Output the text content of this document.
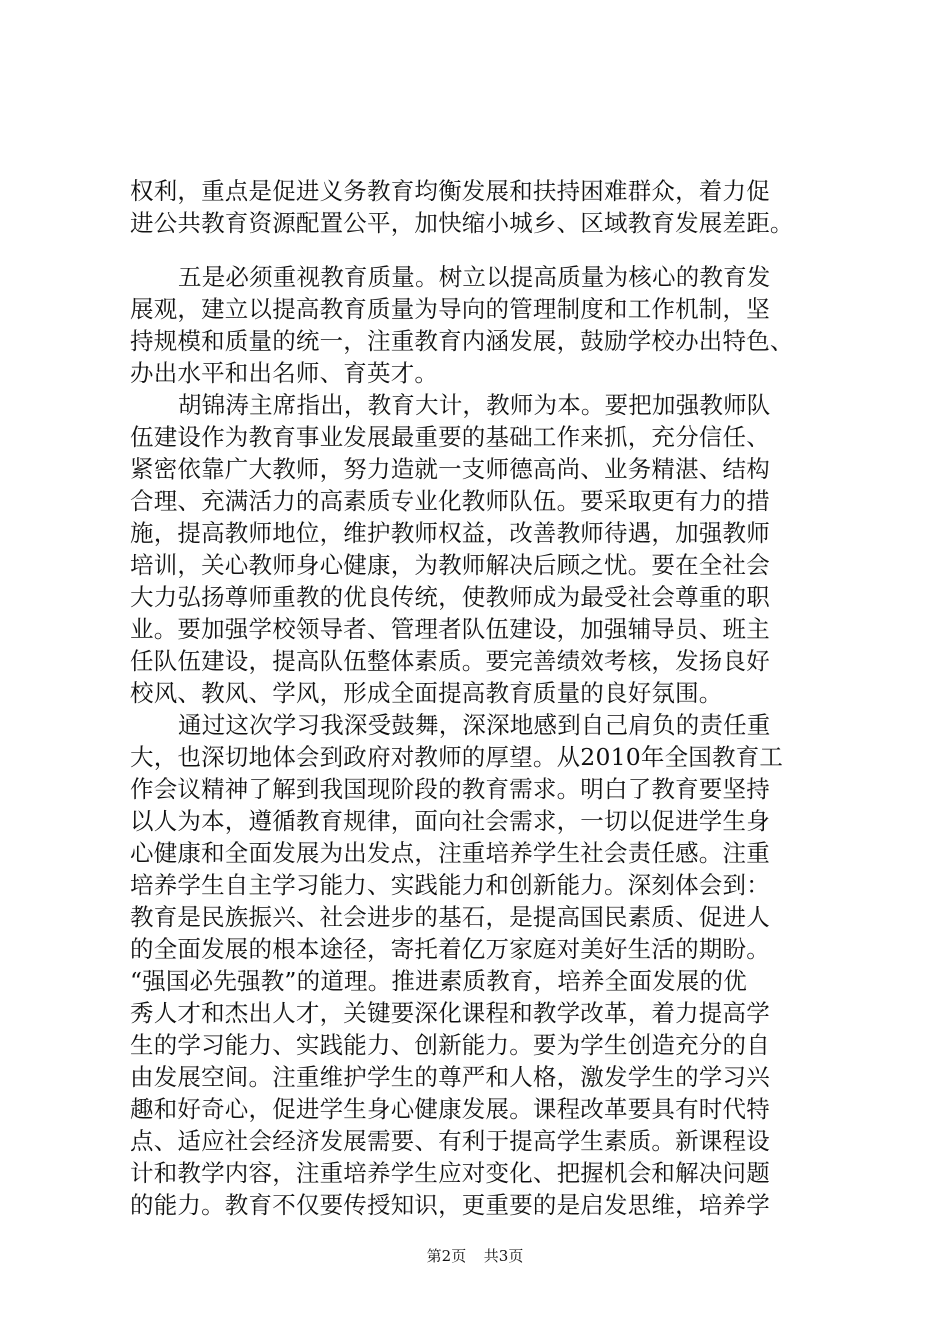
权利，重点是促进义务教育均衡发展和扶持困难群众，着力促
进公共教育资源配置公平，加快缩小城乡、区域教育发展差距。
五是必须重视教育质量。树立以提高质量为核心的教育发
展观，建立以提高教育质量为导向的管理制度和工作机制，坚
持规模和质量的统一，注重教育内涵发展，鼓励学校办出特色、
办出水平和出名师、育英才。
胡锦涛主席指出，教育大计，教师为本。要把加强教师队
伍建设作为教育事业发展最重要的基础工作来抓，充分信任、
紧密依靠广大教师，努力造就一支师德高尚、业务精湛、结构
合理、充满活力的高素质专业化教师队伍。要采取更有力的措
施，提高教师地位，维护教师权益，改善教师待遇，加强教师
培训，关心教师身心健康，为教师解决后顾之忧。要在全社会
大力弘扬尊师重教的优良传统，使教师成为最受社会尊重的职
业。要加强学校领导者、管理者队伍建设，加强辅导员、班主
任队伍建设，提高队伍整体素质。要完善绩效考核，发扬良好
校风、教风、学风，形成全面提高教育质量的良好氛围。
通过这次学习我深受鼓舞，深深地感到自己肩负的责任重
大，也深切地体会到政府对教师的厚望。从2010年全国教育工
作会议精神了解到我国现阶段的教育需求。明白了教育要坚持
以人为本，遵循教育规律，面向社会需求，一切以促进学生身
心健康和全面发展为出发点，注重培养学生社会责任感。注重
培养学生自主学习能力、实践能力和创新能力。深刻体会到：
教育是民族振兴、社会进步的基石，是提高国民素质、促进人
的全面发展的根本途径，寄托着亿万家庭对美好生活的期盼。
“强国必先强教”的道理。推进素质教育，培养全面发展的优
秀人才和杰出人才，关键要深化课程和教学改革，着力提高学
生的学习能力、实践能力、创新能力。要为学生创造充分的自
由发展空间。注重维护学生的尊严和人格，激发学生的学习兴
趣和好奇心，促进学生身心健康发展。课程改革要具有时代特
点、适应社会经济发展需要、有利于提高学生素质。新课程设
计和教学内容，注重培养学生应对变化、把握机会和解决问题
的能力。教育不仅要传授知识，更重要的是启发思维，培养学
第2页 共3页
